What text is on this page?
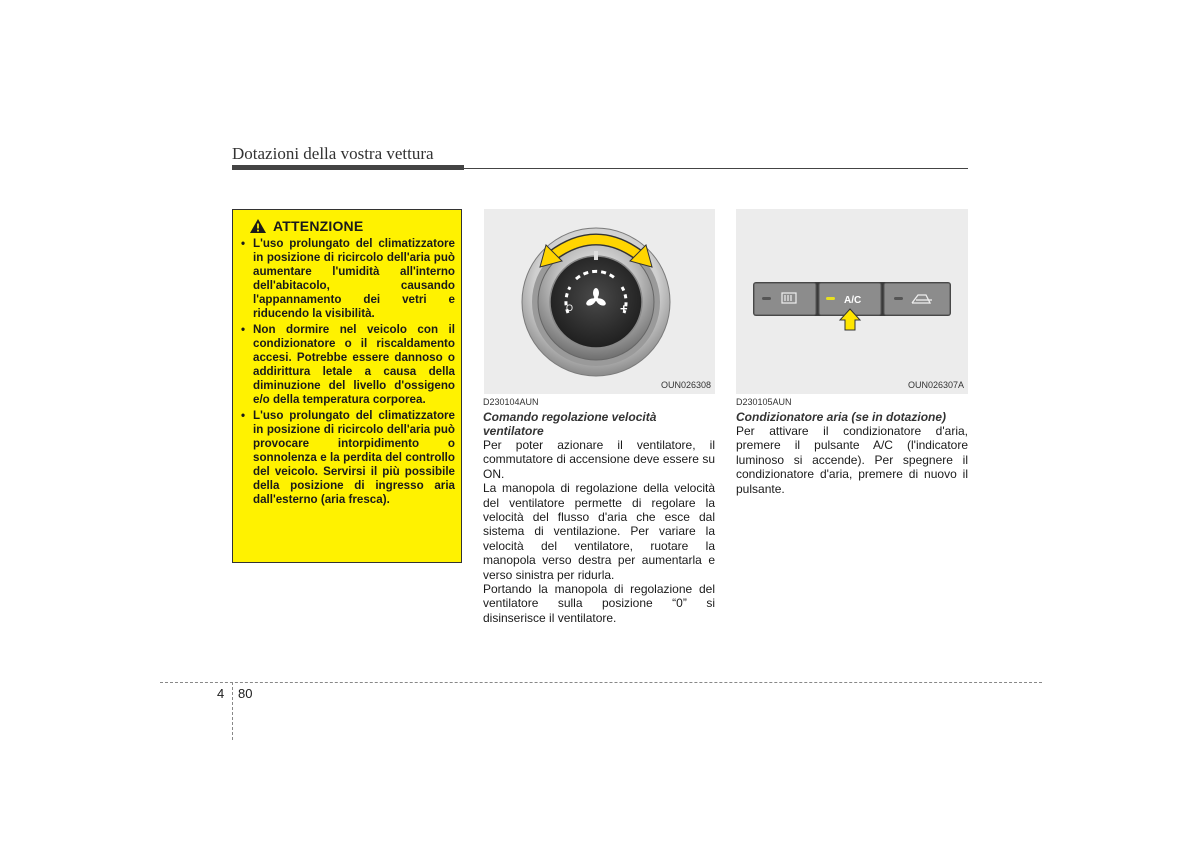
Dotazioni della vostra vettura
ATTENZIONE
• L'uso prolungato del climatizzatore in posizione di ricircolo dell'aria può aumentare l'umidità all'interno dell'abitacolo, causando l'appannamento dei vetri e riducendo la visibilità.
• Non dormire nel veicolo con il condizionatore o il riscaldamento accesi. Potrebbe essere dannoso o addirittura letale a causa della diminuzione del livello d'ossigeno e/o della temperatura corporea.
• L'uso prolungato del climatizzatore in posizione di ricircolo dell'aria può provocare intorpidimento o sonnolenza e la perdita del controllo del veicolo. Servirsi il più possibile della posizione di ingresso aria dall'esterno (aria fresca).
O	+
OUN026308
A/C
OUN026307A
D230104AUN
Comando regolazione velocità ventilatore

Per poter azionare il ventilatore, il commutatore di accensione deve essere su ON.

La manopola di regolazione della velocità del ventilatore permette di regolare la velocità del flusso d'aria che esce dal sistema di ventilazione. Per variare la velocità del ventilatore, ruotare la manopola verso destra per aumentarla e verso sinistra per ridurla.

Portando la manopola di regolazione del ventilatore sulla posizione “0” si disinserisce il ventilatore.

D230105AUN
Condizionatore aria (se in dotazione)

Per attivare il condizionatore d'aria, premere il pulsante A/C (l'indicatore luminoso si accende). Per spegnere il condizionatore d'aria, premere di nuovo il pulsante.

4 80
